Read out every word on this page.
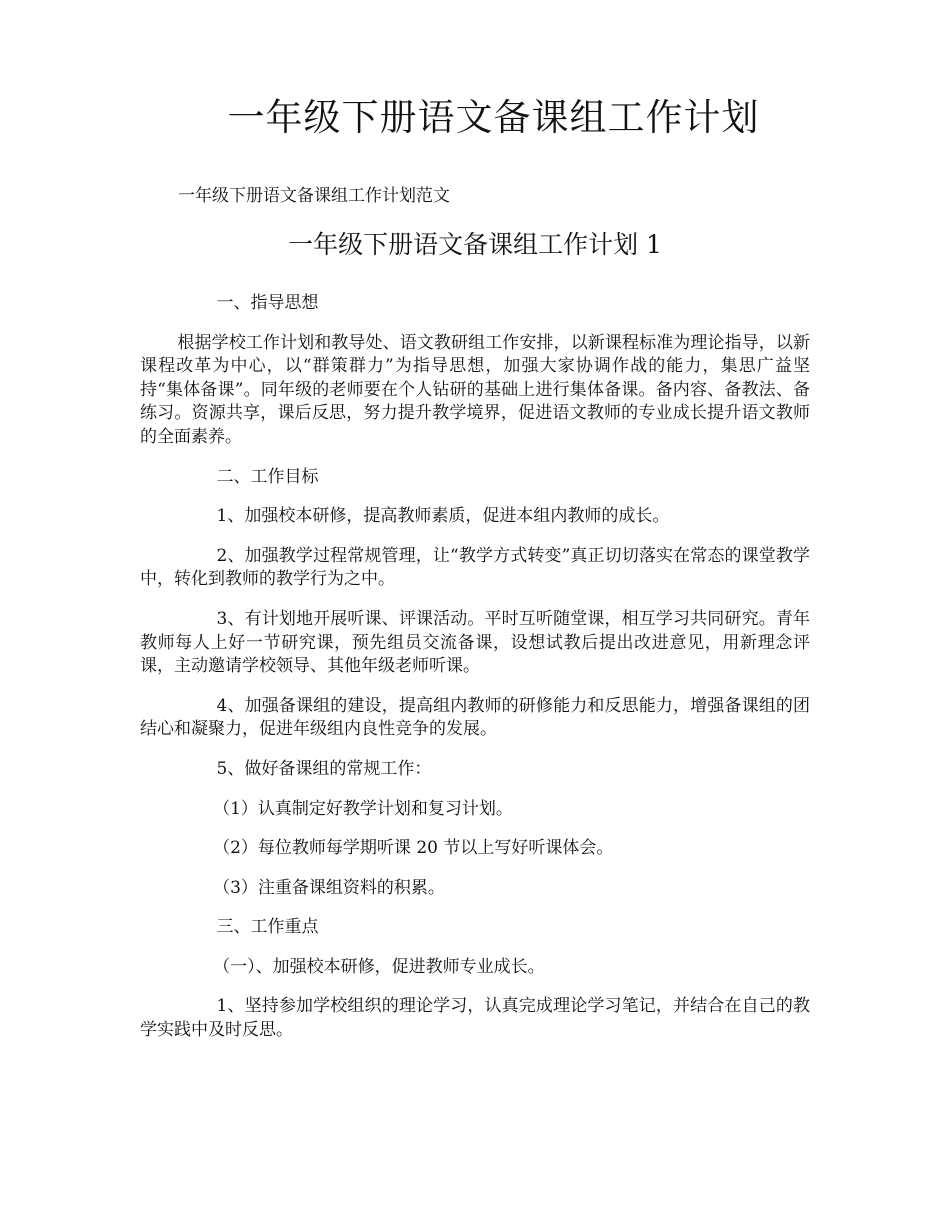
一年级下册语文备课组工作计划

一年级下册语文备课组工作计划范文

一年级下册语文备课组工作计划 1

一、指导思想

根据学校工作计划和教导处、语文教研组工作安排，以新课程标准为理论指导，以新课程改革为中心，以“群策群力”为指导思想，加强大家协调作战的能力，集思广益坚持“集体备课”。同年级的老师要在个人钻研的基础上进行集体备课。备内容、备教法、备练习。资源共享，课后反思，努力提升教学境界，促进语文教师的专业成长提升语文教师的全面素养。

二、工作目标

1、加强校本研修，提高教师素质，促进本组内教师的成长。

2、加强教学过程常规管理，让“教学方式转变”真正切切落实在常态的课堂教学中，转化到教师的教学行为之中。

3、有计划地开展听课、评课活动。平时互听随堂课，相互学习共同研究。青年教师每人上好一节研究课，预先组员交流备课，设想试教后提出改进意见，用新理念评课，主动邀请学校领导、其他年级老师听课。

4、加强备课组的建设，提高组内教师的研修能力和反思能力，增强备课组的团结心和凝聚力，促进年级组内良性竞争的发展。

5、做好备课组的常规工作：

（1）认真制定好教学计划和复习计划。

（2）每位教师每学期听课 20 节以上写好听课体会。

（3）注重备课组资料的积累。

三、工作重点

（一）、加强校本研修，促进教师专业成长。

1、坚持参加学校组织的理论学习，认真完成理论学习笔记，并结合在自己的教学实践中及时反思。
